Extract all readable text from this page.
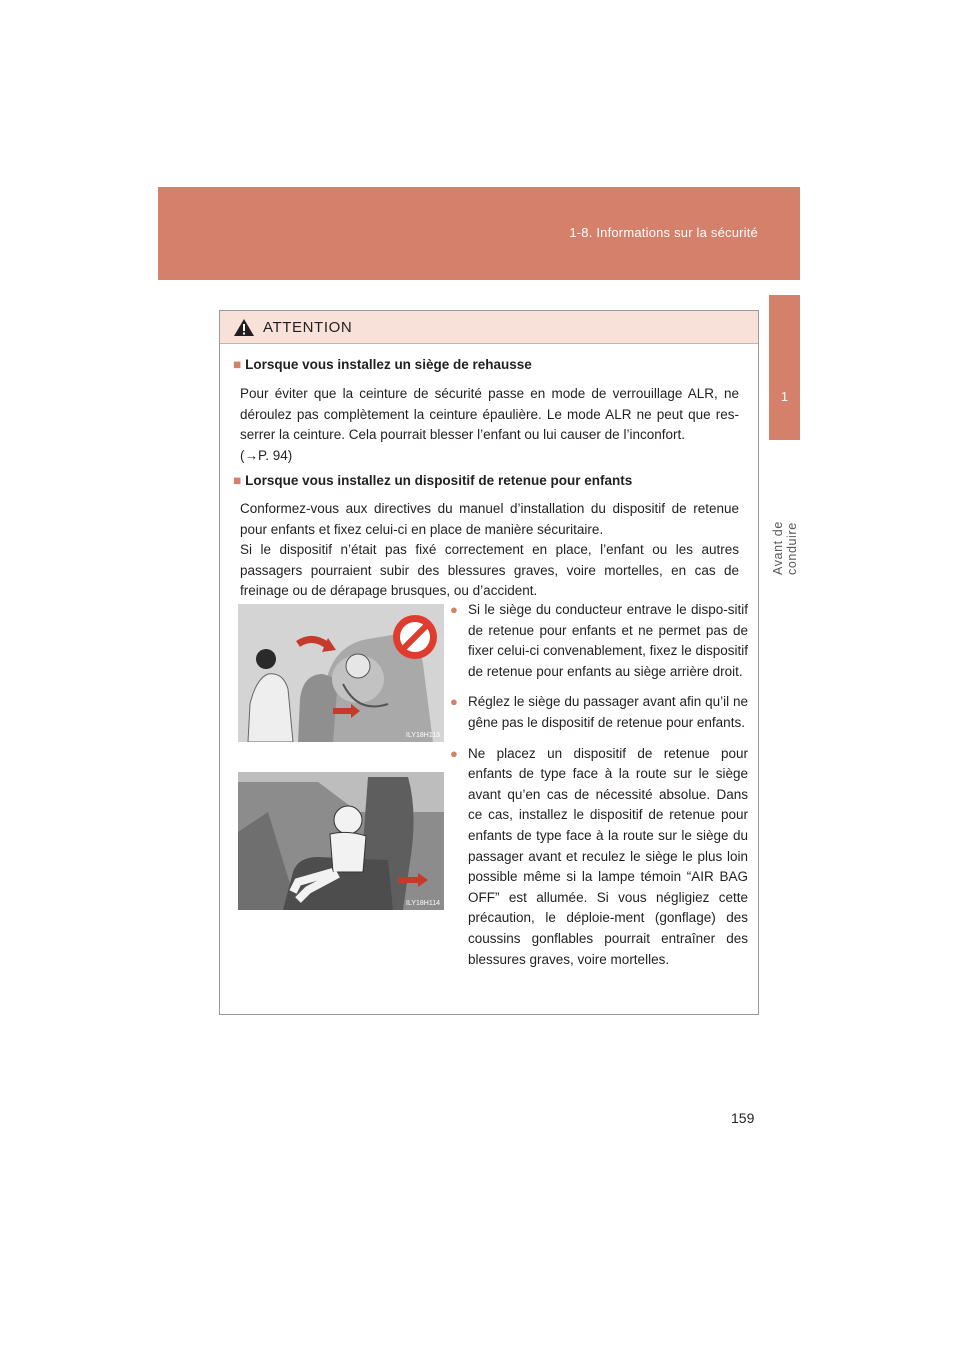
1-8. Informations sur la sécurité
1
Avant de conduire
ATTENTION
■ Lorsque vous installez un siège de rehausse

Pour éviter que la ceinture de sécurité passe en mode de verrouillage ALR, ne déroulez pas complètement la ceinture épaulière. Le mode ALR ne peut que res-serrer la ceinture. Cela pourrait blesser l’enfant ou lui causer de l’inconfort.

(→P. 94)

■ Lorsque vous installez un dispositif de retenue pour enfants

Conformez-vous aux directives du manuel d’installation du dispositif de retenue pour enfants et fixez celui-ci en place de manière sécuritaire.

Si le dispositif n’était pas fixé correctement en place, l’enfant ou les autres passagers pourraient subir des blessures graves, voire mortelles, en cas de freinage ou de dérapage brusques, ou d’accident.

ILY18H113
ILY18H114
● Si le siège du conducteur entrave le dispo-sitif de retenue pour enfants et ne permet pas de fixer celui-ci convenablement, fixez le dispositif de retenue pour enfants au siège arrière droit.
● Réglez le siège du passager avant afin qu’il ne gêne pas le dispositif de retenue pour enfants.
● Ne placez un dispositif de retenue pour enfants de type face à la route sur le siège avant qu’en cas de nécessité absolue. Dans ce cas, installez le dispositif de retenue pour enfants de type face à la route sur le siège du passager avant et reculez le siège le plus loin possible même si la lampe témoin “AIR BAG OFF” est allumée. Si vous négligiez cette précaution, le déploie-ment (gonflage) des coussins gonflables pourrait entraîner des blessures graves, voire mortelles.
159
